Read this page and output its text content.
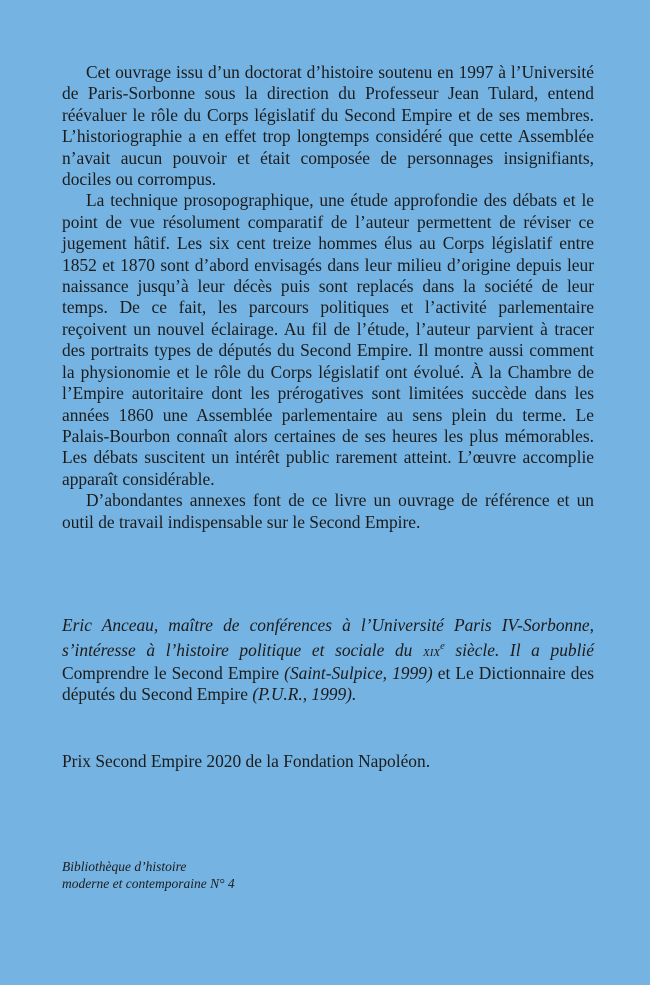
Cet ouvrage issu d’un doctorat d’histoire soutenu en 1997 à l’Université de Paris-Sorbonne sous la direction du Professeur Jean Tulard, entend réévaluer le rôle du Corps législatif du Second Empire et de ses membres. L’historiographie a en effet trop longtemps considéré que cette Assemblée n’avait aucun pouvoir et était composée de personnages insignifiants, dociles ou corrompus.

La technique prosopographique, une étude approfondie des débats et le point de vue résolument comparatif de l’auteur permettent de réviser ce jugement hâtif. Les six cent treize hommes élus au Corps législatif entre 1852 et 1870 sont d’abord envisagés dans leur milieu d’origine depuis leur naissance jusqu’à leur décès puis sont replacés dans la société de leur temps. De ce fait, les parcours politiques et l’activité parlementaire reçoivent un nouvel éclairage. Au fil de l’étude, l’auteur parvient à tracer des portraits types de députés du Second Empire. Il montre aussi comment la physionomie et le rôle du Corps législatif ont évolué. À la Chambre de l’Empire autoritaire dont les prérogatives sont limitées succède dans les années 1860 une Assemblée parlementaire au sens plein du terme. Le Palais-Bourbon connaît alors certaines de ses heures les plus mémorables. Les débats suscitent un intérêt public rarement atteint. L’œuvre accomplie apparaît considérable.

D’abondantes annexes font de ce livre un ouvrage de référence et un outil de travail indispensable sur le Second Empire.

Eric Anceau, maître de conférences à l’Université Paris IV-Sorbonne, s’intéresse à l’histoire politique et sociale du xix$^e$ siècle. Il a publié Comprendre le Second Empire (Saint-Sulpice, 1999) et Le Dictionnaire des députés du Second Empire (P.U.R., 1999).

Prix Second Empire 2020 de la Fondation Napoléon.

Bibliothèque d’histoire
moderne et contemporaine N° 4
